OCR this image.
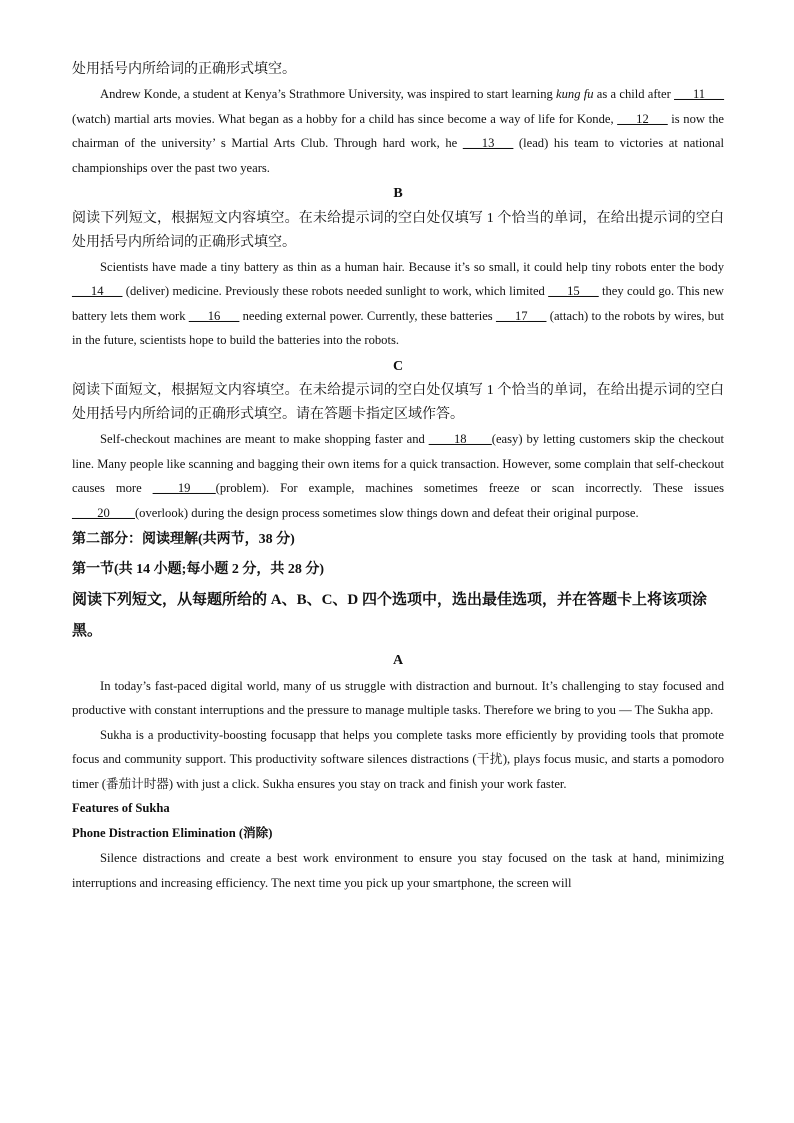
处用括号内所给词的正确形式填空。

Andrew Konde, a student at Kenya’s Strathmore University, was inspired to start learning kung fu as a child after ___11___ (watch) martial arts movies. What began as a hobby for a child has since become a way of life for Konde, ___12___ is now the chairman of the university’ s Martial Arts Club. Through hard work, he ___13___ (lead) his team to victories at national championships over the past two years.

B

阅读下列短文，根据短文内容填空。在未给提示词的空白处仅填写 1 个恰当的单词，在给出提示词的空白处用括号内所给词的正确形式填空。

Scientists have made a tiny battery as thin as a human hair. Because it’s so small, it could help tiny robots enter the body ___14___ (deliver) medicine. Previously these robots needed sunlight to work, which limited ___15___ they could go. This new battery lets them work ___16___ needing external power. Currently, these batteries ___17___ (attach) to the robots by wires, but in the future, scientists hope to build the batteries into the robots.

C

阅读下面短文，根据短文内容填空。在未给提示词的空白处仅填写 1 个恰当的单词，在给出提示词的空白处用括号内所给词的正确形式填空。请在答题卡指定区域作答。

Self-checkout machines are meant to make shopping faster and ____18____(easy) by letting customers skip the checkout line. Many people like scanning and bagging their own items for a quick transaction. However, some complain that self-checkout causes more ____19____(problem). For example, machines sometimes freeze or scan incorrectly. These issues ____20____(overlook) during the design process sometimes slow things down and defeat their original purpose.

第二部分：阅读理解(共两节，38 分)

第一节(共 14 小题;每小题 2 分，共 28 分)

阅读下列短文，从每题所给的 A、B、C、D 四个选项中，选出最佳选项，并在答题卡上将该项涂黑。

A

In today’s fast-paced digital world, many of us struggle with distraction and burnout. It’s challenging to stay focused and productive with constant interruptions and the pressure to manage multiple tasks. Therefore we bring to you — The Sukha app.

Sukha is a productivity-boosting focusapp that helps you complete tasks more efficiently by providing tools that promote focus and community support. This productivity software silences distractions (干扰), plays focus music, and starts a pomodoro timer (番茄计时器) with just a click. Sukha ensures you stay on track and finish your work faster.

Features of Sukha

Phone Distraction Elimination (消除)

Silence distractions and create a best work environment to ensure you stay focused on the task at hand, minimizing interruptions and increasing efficiency. The next time you pick up your smartphone, the screen will
